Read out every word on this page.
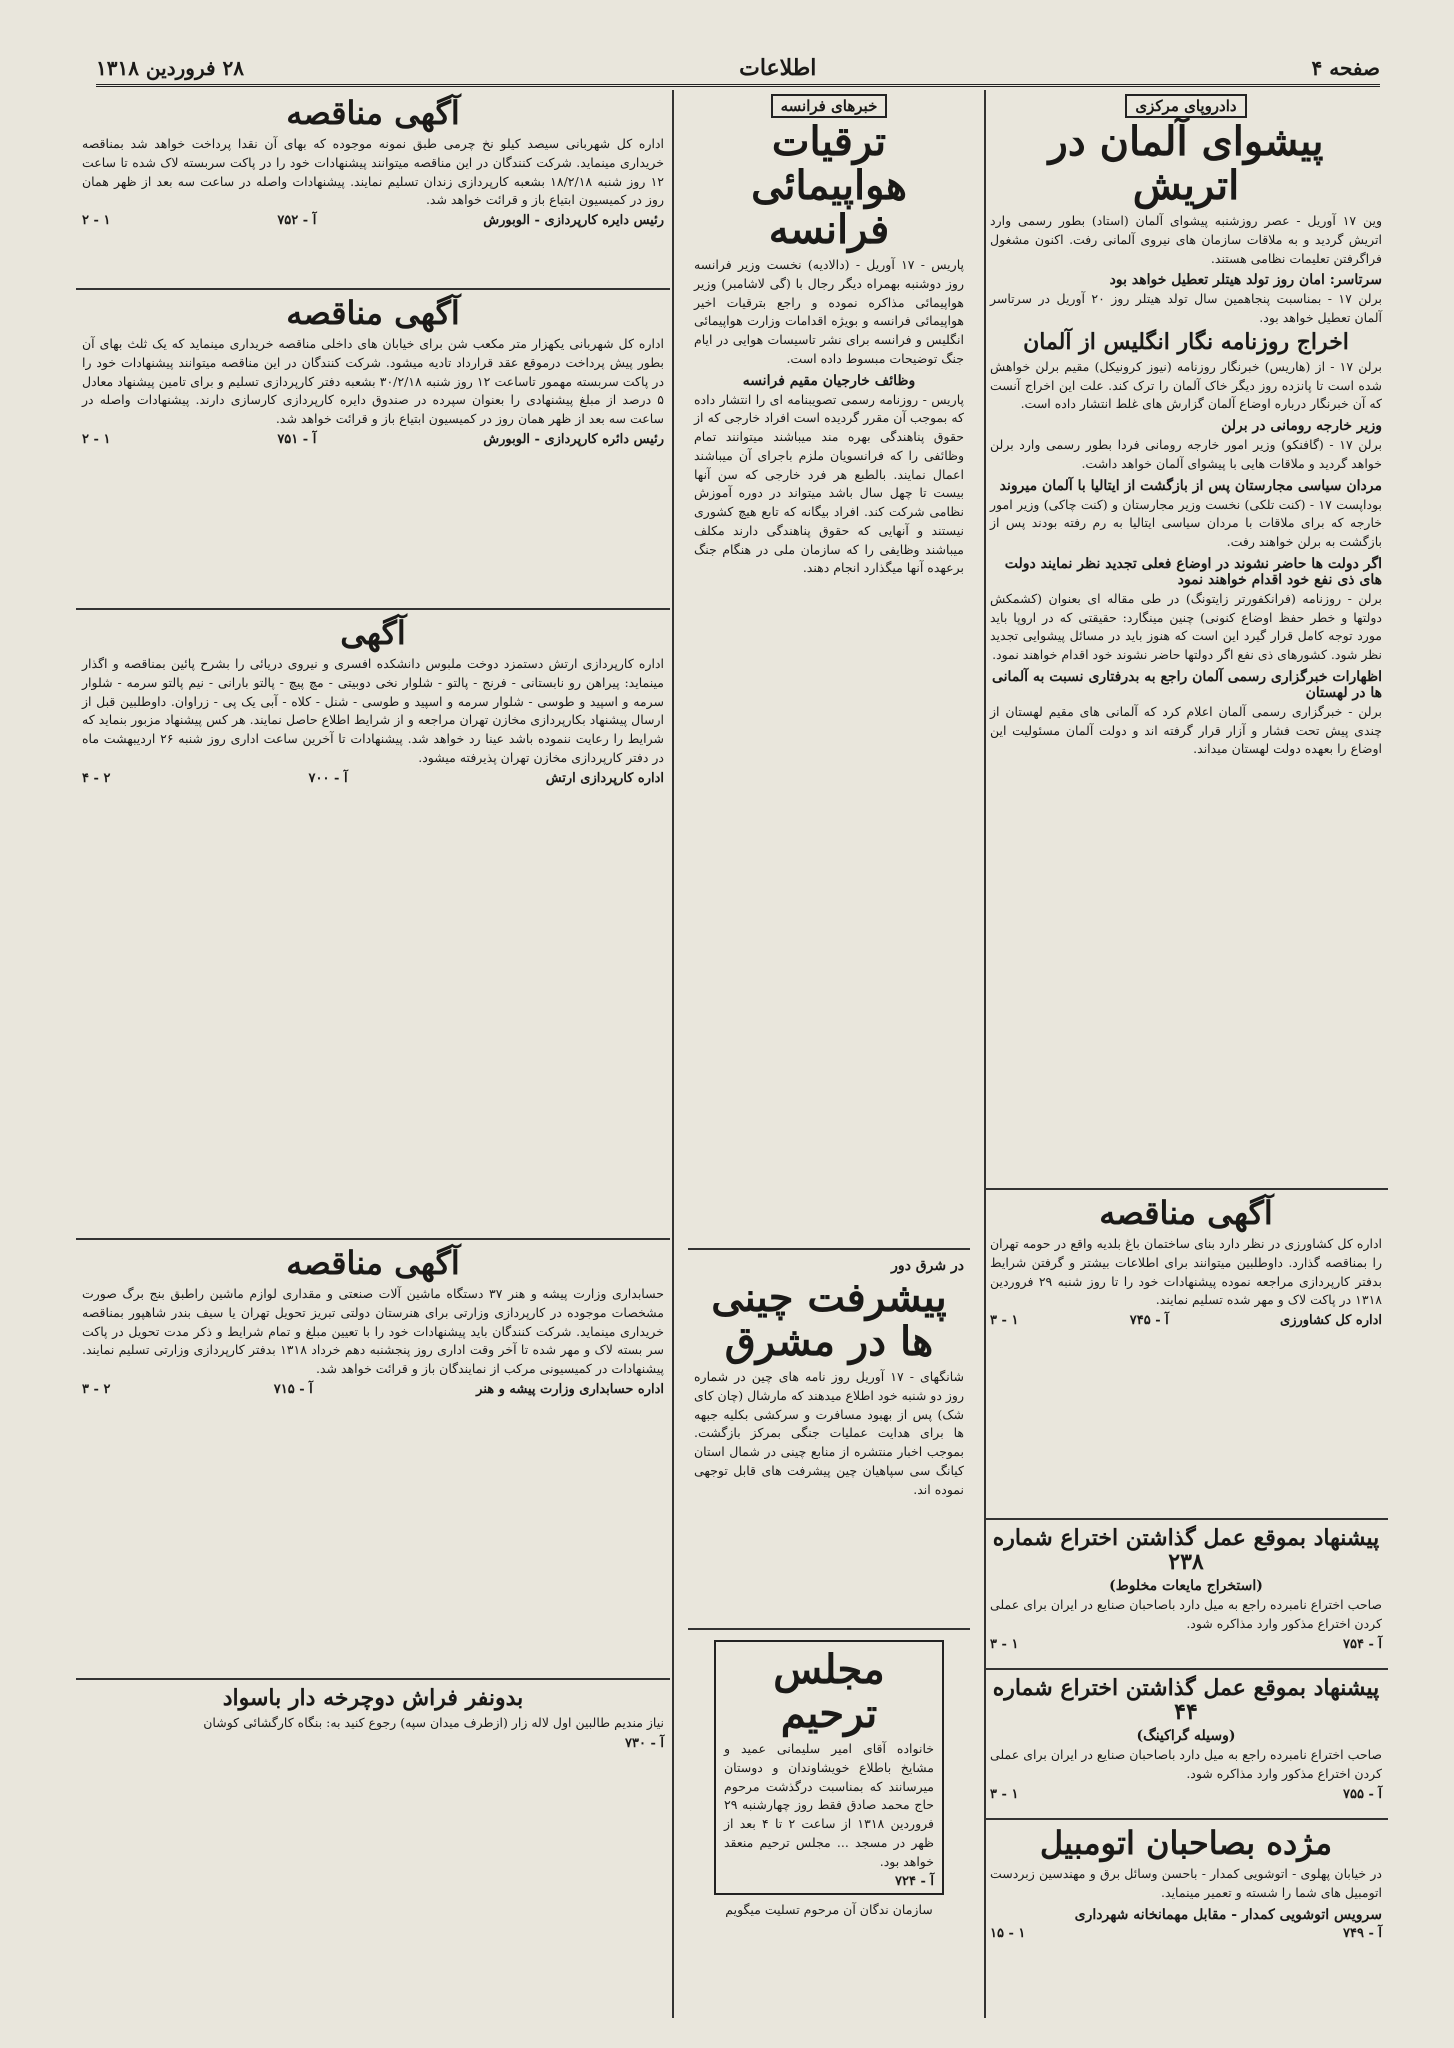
صفحه ۴
اطلاعات
۲۸ فروردین ۱۳۱۸
دادروپای مرکزی
پیشوای آلمان در اتریش

وین ۱۷ آوریل - عصر روزشنبه پیشوای آلمان (استاد) بطور رسمی وارد اتریش گردید و به ملاقات سازمان های نیروی آلمانی رفت. اکنون مشغول فراگرفتن تعلیمات نظامی هستند.

سرتاسر: امان روز تولد هیتلر تعطیل خواهد بود

برلن ۱۷ - بمناسبت پنجاهمین سال تولد هیتلر روز ۲۰ آوریل در سرتاسر آلمان تعطیل خواهد بود.

اخراج روزنامه نگار انگلیس از آلمان

برلن ۱۷ - از (هاریس) خبرنگار روزنامه (نیوز کرونیکل) مقیم برلن خواهش شده است تا پانزده روز دیگر خاک آلمان را ترک کند. علت این اخراج آنست که آن خبرنگار درباره اوضاع آلمان گزارش های غلط انتشار داده است.

وزیر خارجه رومانی در برلن

برلن ۱۷ - (گافنکو) وزیر امور خارجه رومانی فردا بطور رسمی وارد برلن خواهد گردید و ملاقات هایی با پیشوای آلمان خواهد داشت.

مردان سیاسی مجارستان پس از بازگشت از ایتالیا با آلمان میروند

بوداپست ۱۷ - (کنت تلکی) نخست وزیر مجارستان و (کنت چاکی) وزیر امور خارجه که برای ملاقات با مردان سیاسی ایتالیا به رم رفته بودند پس از بازگشت به برلن خواهند رفت.

اگر دولت ها حاضر نشوند در اوضاع فعلی تجدید نظر نمایند دولت های ذی نفع خود اقدام خواهند نمود

برلن - روزنامه (فرانکفورتر زایتونگ) در طی مقاله ای بعنوان (کشمکش دولتها و خطر حفظ اوضاع کنونی) چنین مینگارد: حقیقتی که در اروپا باید مورد توجه کامل قرار گیرد این است که هنوز باید در مسائل پیشوایی تجدید نظر شود. کشورهای ذی نفع اگر دولتها حاضر نشوند خود اقدام خواهند نمود.

اظهارات خبرگزاری رسمی آلمان راجع به بدرفتاری نسبت به آلمانی ها در لهستان

برلن - خبرگزاری رسمی آلمان اعلام کرد که آلمانی های مقیم لهستان از چندی پیش تحت فشار و آزار قرار گرفته اند و دولت آلمان مسئولیت این اوضاع را بعهده دولت لهستان میداند.

آگهی مناقصه

اداره کل کشاورزی در نظر دارد بنای ساختمان باغ بلدیه واقع در حومه تهران را بمناقصه گذارد. داوطلبین میتوانند برای اطلاعات بیشتر و گرفتن شرایط بدفتر کارپردازی مراجعه نموده پیشنهادات خود را تا روز شنبه ۲۹ فروردین ۱۳۱۸ در پاکت لاک و مهر شده تسلیم نمایند.

اداره کل کشاورزی
آ - ۷۴۵
۱ - ۳
پیشنهاد بموقع عمل گذاشتن اختراع شماره ۲۳۸
(استخراج مایعات مخلوط)

صاحب اختراع نامبرده راجع به میل دارد باصاحبان صنایع در ایران برای عملی کردن اختراع مذکور وارد مذاکره شود.

آ - ۷۵۴
۱ - ۳
پیشنهاد بموقع عمل گذاشتن اختراع شماره ۴۴
(وسیله گراکینگ)

صاحب اختراع نامبرده راجع به میل دارد باصاحبان صنایع در ایران برای عملی کردن اختراع مذکور وارد مذاکره شود.

آ - ۷۵۵
۱ - ۳
مژده بصاحبان اتومبیل

در خیابان پهلوی - اتوشویی کمدار - باحسن وسائل برق و مهندسین زبردست اتومبیل های شما را شسته و تعمیر مینماید.

سرویس اتوشویی کمدار - مقابل مهمانخانه شهرداری
آ - ۷۴۹
۱ - ۱۵
خبرهای فرانسه
ترقیات هواپیمائی فرانسه

پاریس - ۱۷ آوریل - (دالادیه) نخست وزیر فرانسه روز دوشنبه بهمراه دیگر رجال با (گی لاشامبر) وزیر هواپیمائی مذاکره نموده و راجع بترقیات اخیر هواپیمائی فرانسه و بویژه اقدامات وزارت هواپیمائی انگلیس و فرانسه برای نشر تاسیسات هوایی در ایام جنگ توضیحات مبسوط داده است.

وظائف خارجیان مقیم فرانسه

پاریس - روزنامه رسمی تصویبنامه ای را انتشار داده که بموجب آن مقرر گردیده است افراد خارجی که از حقوق پناهندگی بهره مند میباشند میتوانند تمام وظائفی را که فرانسویان ملزم باجرای آن میباشند اعمال نمایند. بالطبع هر فرد خارجی که سن آنها بیست تا چهل سال باشد میتواند در دوره آموزش نظامی شرکت کند. افراد بیگانه که تابع هیچ کشوری نیستند و آنهایی که حقوق پناهندگی دارند مکلف میباشند وظایفی را که سازمان ملی در هنگام جنگ برعهده آنها میگذارد انجام دهند.

در شرق دور
پیشرفت چینی ها در مشرق

شانگهای - ۱۷ آوریل روز نامه های چین در شماره روز دو شنبه خود اطلاع میدهند که مارشال (چان کای شک) پس از بهبود مسافرت و سرکشی بکلیه جبهه ها برای هدایت عملیات جنگی بمرکز بازگشت. بموجب اخبار منتشره از منابع چینی در شمال استان کیانگ سی سپاهیان چین پیشرفت های قابل توجهی نموده اند.

مجلس ترحیم

خانواده آقای امیر سلیمانی عمید و مشایخ باطلاع خویشاوندان و دوستان میرسانند که بمناسبت درگذشت مرحوم حاج محمد صادق فقط روز چهارشنبه ۲۹ فروردین ۱۳۱۸ از ساعت ۲ تا ۴ بعد از ظهر در مسجد ... مجلس ترحیم منعقد خواهد بود.

آ - ۷۲۴

سازمان ندگان آن مرحوم تسلیت میگویم

آگهی مناقصه

اداره کل شهربانی سیصد کیلو نخ چرمی طبق نمونه موجوده که بهای آن نقدا پرداخت خواهد شد بمناقصه خریداری مینماید. شرکت کنندگان در این مناقصه میتوانند پیشنهادات خود را در پاکت سربسته لاک شده تا ساعت ۱۲ روز شنبه ۱۸/۲/۱۸ بشعبه کارپردازی زندان تسلیم نمایند. پیشنهادات واصله در ساعت سه بعد از ظهر همان روز در کمیسیون ابتیاع باز و قرائت خواهد شد.

رئیس دایره کارپردازی - الوبورش
آ - ۷۵۲
۱ - ۲
آگهی مناقصه

اداره کل شهربانی یکهزار متر مکعب شن برای خیابان های داخلی مناقصه خریداری مینماید که یک ثلث بهای آن بطور پیش پرداخت درموقع عقد قرارداد تادیه میشود. شرکت کنندگان در این مناقصه میتوانند پیشنهادات خود را در پاکت سربسته مهمور تاساعت ۱۲ روز شنبه ۳۰/۲/۱۸ بشعبه دفتر کارپردازی تسلیم و برای تامین پیشنهاد معادل ۵ درصد از مبلغ پیشنهادی را بعنوان سپرده در صندوق دایره کارپردازی کارسازی دارند. پیشنهادات واصله در ساعت سه بعد از ظهر همان روز در کمیسیون ابتیاع باز و قرائت خواهد شد.

رئیس دائره کارپردازی - الوبورش
آ - ۷۵۱
۱ - ۲
آگهی

اداره کارپردازی ارتش دستمزد دوخت ملبوس دانشکده افسری و نیروی دریائی را بشرح پائین بمناقصه و اگذار مینماید: پیراهن رو نابستانی - فرنج - پالتو - شلوار نخی دوبیتی - مچ پیچ - پالتو بارانی - نیم پالتو سرمه - شلوار سرمه و اسپید و طوسی - شلوار سرمه و اسپید و طوسی - شنل - کلاه - آبی یک پی - زراوان. داوطلبین قبل از ارسال پیشنهاد بکارپردازی مخازن تهران مراجعه و از شرایط اطلاع حاصل نمایند. هر کس پیشنهاد مزبور بنماید که شرایط را رعایت ننموده باشد عینا رد خواهد شد. پیشنهادات تا آخرین ساعت اداری روز شنبه ۲۶ اردیبهشت ماه در دفتر کارپردازی مخازن تهران پذیرفته میشود.

اداره کارپردازی ارتش
آ - ۷۰۰
۲ - ۴
آگهی مناقصه

حسابداری وزارت پیشه و هنر ۳۷ دستگاه ماشین آلات صنعتی و مقداری لوازم ماشین راطبق بنج برگ صورت مشخصات موجوده در کارپردازی وزارتی برای هنرستان دولتی تبریز تحویل تهران یا سیف بندر شاهپور بمناقصه خریداری مینماید. شرکت کنندگان باید پیشنهادات خود را با تعیین مبلغ و تمام شرایط و ذکر مدت تحویل در پاکت سر بسته لاک و مهر شده تا آخر وقت اداری روز پنجشنبه دهم خرداد ۱۳۱۸ بدفتر کارپردازی وزارتی تسلیم نمایند. پیشنهادات در کمیسیونی مرکب از نمایندگان باز و قرائت خواهد شد.

اداره حسابداری وزارت پیشه و هنر
آ - ۷۱۵
۲ - ۳
بدونفر فراش دوچرخه دار باسواد

نیاز مندیم طالبین اول لاله زار (ازطرف میدان سپه) رجوع کنید به: بنگاه کارگشائی کوشان

آ - ۷۳۰
